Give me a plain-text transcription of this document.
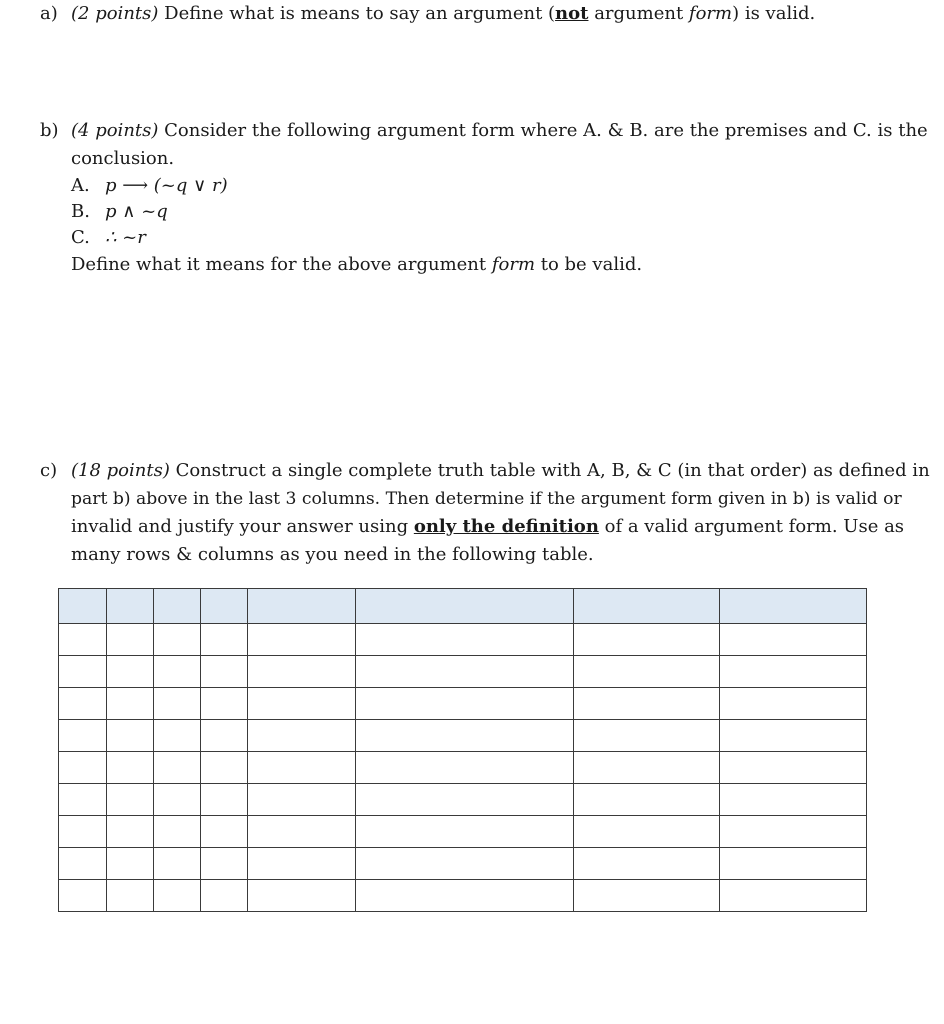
a) (2 points) Define what is means to say an argument (not argument form) is valid.
b) (4 points) Consider the following argument form where A. & B. are the premises and C. is the
conclusion.
A. p ⟶ (~q ∨ r)
B. p ∧ ~q
C. ∴ ~r
Define what it means for the above argument form to be valid.
c) (18 points) Construct a single complete truth table with A, B, & C (in that order) as defined in
part b) above in the last 3 columns. Then determine if the argument form given in b) is valid or
invalid and justify your answer using only the definition of a valid argument form. Use as
many rows & columns as you need in the following table.
